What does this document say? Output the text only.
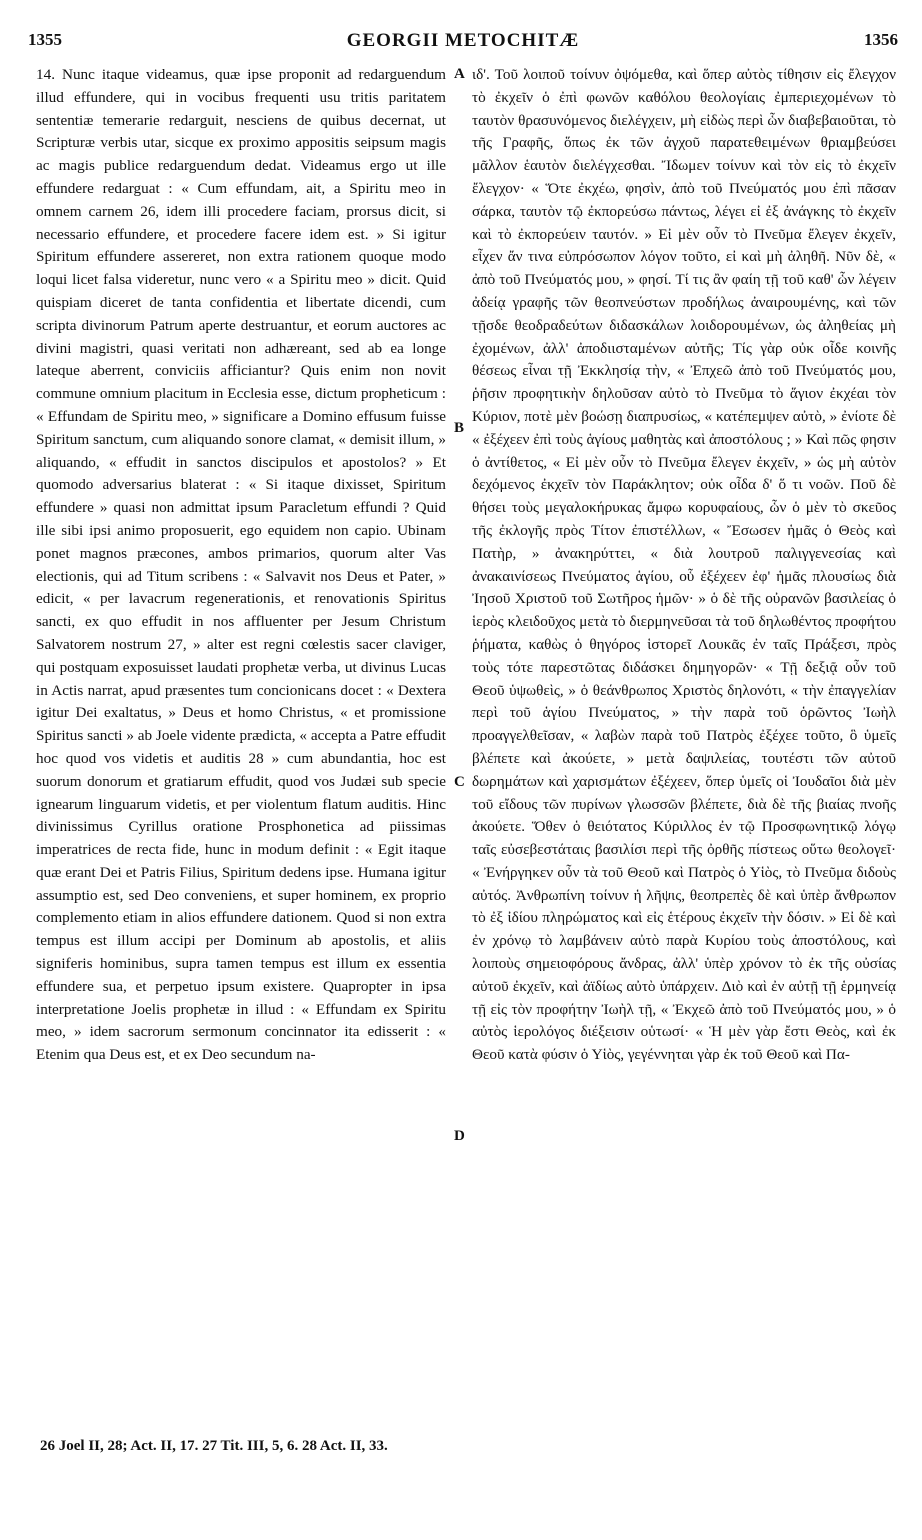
1355	GEORGII METOCHITÆ	1356

14. Nunc itaque videamus, quæ ipse proponit ad redarguendum illud effundere, qui in vocibus frequenti usu tritis paritatem sententiæ temerarie redarguit, nesciens de quibus decernat, ut Scripturæ verbis utar, sicque ex proximo appositis seipsum magis ac magis publice redarguendum dedat. Videamus ergo ut ille effundere redarguat : « Cum effundam, ait, a Spiritu meo in omnem carnem 26, idem illi procedere faciam, prorsus dicit, si necessario effundere, et procedere facere idem est. » Si igitur Spiritum effundere assereret, non extra rationem quoque modo loqui licet falsa videretur, nunc vero « a Spiritu meo » dicit. Quid quispiam diceret de tanta confidentia et libertate dicendi, cum scripta divinorum Patrum aperte destruantur, et eorum auctores ac divini magistri, quasi veritati non adhæreant, sed ab ea longe lateque aberrent, conviciis afficiantur? Quis enim non novit commune omnium placitum in Ecclesia esse, dictum propheticum : « Effundam de Spiritu meo, » significare a Domino effusum fuisse Spiritum sanctum, cum aliquando sonore clamat, « demisit illum, » aliquando, « effudit in sanctos discipulos et apostolos? » Et quomodo adversarius blaterat : « Si itaque dixisset, Spiritum effundere » quasi non admittat ipsum Paracletum effundi ? Quid ille sibi ipsi animo proposuerit, ego equidem non capio. Ubinam ponet magnos præcones, ambos primarios, quorum alter Vas electionis, qui ad Titum scribens : « Salvavit nos Deus et Pater, » edicit, « per lavacrum regenerationis, et renovationis Spiritus sancti, ex quo effudit in nos affluenter per Jesum Christum Salvatorem nostrum 27, » alter est regni cœlestis sacer claviger, qui postquam exposuisset laudati prophetæ verba, ut divinus Lucas in Actis narrat, apud præsentes tum concionicans docet : « Dextera igitur Dei exaltatus, » Deus et homo Christus, « et promissione Spiritus sancti » ab Joele vidente prædicta, « accepta a Patre effudit hoc quod vos videtis et auditis 28 » cum abundantia, hoc est suorum donorum et gratiarum effudit, quod vos Judæi sub specie ignearum linguarum videtis, et per violentum flatum auditis. Hinc divinissimus Cyrillus oratione Prosphonetica ad piissimas imperatrices de recta fide, hunc in modum definit : « Egit itaque quæ erant Dei et Patris Filius, Spiritum dedens ipse. Humana igitur assumptio est, sed Deo conveniens, et super hominem, ex proprio complemento etiam in alios effundere dationem. Quod si non extra tempus est illum accipi per Dominum ab apostolis, et aliis signiferis hominibus, supra tamen tempus est illum ex essentia effundere sua, et perpetuo ipsum existere. Quapropter in ipsa interpretatione Joelis prophetæ in illud : « Effundam ex Spiritu meo, » idem sacrorum sermonum concinnator ita edisserit : « Etenim qua Deus est, et ex Deo secundum na-

A
B
C
D

ιδ'. Τοῦ λοιποῦ τοίνυν ὀψόμεθα, καὶ ὅπερ αὐτὸς τίθησιν εἰς ἔλεγχον τὸ ἐκχεῖν ὁ ἐπὶ φωνῶν καθόλου θεολογίαις ἐμπεριεχομένων τὸ ταυτὸν θρασυνόμενος διελέγχειν, μὴ εἰδὼς περὶ ὧν διαβεβαιοῦται, τὸ τῆς Γραφῆς, ὅπως ἐκ τῶν ἀγχοῦ παρατεθειμένων θριαμβεύσει μᾶλλον ἑαυτὸν διελέγχεσθαι. Ἴδωμεν τοίνυν καὶ τὸν εἰς τὸ ἐκχεῖν ἔλεγχον· « Ὅτε ἐκχέω, φησὶν, ἀπὸ τοῦ Πνεύματός μου ἐπὶ πᾶσαν σάρκα, ταυτὸν τῷ ἐκπορεύσω πάντως, λέγει εἰ ἐξ ἀνάγκης τὸ ἐκχεῖν καὶ τὸ ἐκπορεύειν ταυτόν. » Εἰ μὲν οὖν τὸ Πνεῦμα ἔλεγεν ἐκχεῖν, εἶχεν ἄν τινα εὐπρόσωπον λόγον τοῦτο, εἰ καὶ μὴ ἀληθῆ. Νῦν δὲ, « ἀπὸ τοῦ Πνεύματός μου, » φησί. Τί τις ἂν φαίη τῇ τοῦ καθ' ὧν λέγειν ἀδείᾳ γραφῆς τῶν θεοπνεύστων προδήλως ἀναιρουμένης, καὶ τῶν τῇσδε θεοδραδεύτων διδασκάλων λοιδορουμένων, ὡς ἀληθείας μὴ ἐχομένων, ἀλλ' ἀποδιισταμένων αὐτῆς; Τίς γὰρ οὐκ οἶδε κοινῆς θέσεως εἶναι τῇ Ἐκκλησίᾳ τὴν, « Ἐπχεῶ ἀπὸ τοῦ Πνεύματός μου, ῥῆσιν προφητικὴν δηλοῦσαν αὐτὸ τὸ Πνεῦμα τὸ ἅγιον ἐκχέαι τὸν Κύριον, ποτὲ μὲν βοώσῃ διαπρυσίως, « κατέπεμψεν αὐτὸ, » ἐνίοτε δὲ « ἐξέχεεν ἐπὶ τοὺς ἁγίους μαθητὰς καὶ ἀποστόλους ; » Καὶ πῶς φησιν ὁ ἀντίθετος, « Εἰ μὲν οὖν τὸ Πνεῦμα ἔλεγεν ἐκχεῖν, » ὡς μὴ αὐτὸν δεχόμενος ἐκχεῖν τὸν Παράκλητον; οὐκ οἶδα δ' ὅ τι νοῶν. Ποῦ δὲ θήσει τοὺς μεγαλοκήρυκας ἄμφω κορυφαίους, ὧν ὁ μὲν τὸ σκεῦος τῆς ἐκλογῆς πρὸς Τίτον ἐπιστέλλων, « Ἔσωσεν ἡμᾶς ὁ Θεὸς καὶ Πατὴρ, » ἀνακηρύττει, « διὰ λουτροῦ παλιγγενεσίας καὶ ἀνακαινίσεως Πνεύματος ἁγίου, οὗ ἐξέχεεν ἐφ' ἡμᾶς πλουσίως διὰ Ἰησοῦ Χριστοῦ τοῦ Σωτῆρος ἡμῶν· » ὁ δὲ τῆς οὐρανῶν βασιλείας ὁ ἱερὸς κλειδοῦχος μετὰ τὸ διερμηνεῦσαι τὰ τοῦ δηλωθέντος προφήτου ῥήματα, καθὼς ὁ θηγόρος ἱστορεῖ Λουκᾶς ἐν ταῖς Πράξεσι, πρὸς τοὺς τότε παρεστῶτας διδάσκει δημηγορῶν· « Τῇ δεξιᾷ οὖν τοῦ Θεοῦ ὑψωθεὶς, » ὁ θεάνθρωπος Χριστὸς δηλονότι, « τὴν ἐπαγγελίαν περὶ τοῦ ἁγίου Πνεύματος, » τὴν παρὰ τοῦ ὁρῶντος Ἰωὴλ προαγγελθεῖσαν, « λαβὼν παρὰ τοῦ Πατρὸς ἐξέχεε τοῦτο, ὃ ὑμεῖς βλέπετε καὶ ἀκούετε, » μετὰ δαψιλείας, τουτέστι τῶν αὐτοῦ δωρημάτων καὶ χαρισμάτων ἐξέχεεν, ὅπερ ὑμεῖς οἱ Ἰουδαῖοι διὰ μὲν τοῦ εἴδους τῶν πυρίνων γλωσσῶν βλέπετε, διὰ δὲ τῆς βιαίας πνοῆς ἀκούετε. Ὅθεν ὁ θειότατος Κύριλλος ἐν τῷ Προσφωνητικῷ λόγῳ ταῖς εὐσεβεστάταις βασιλίσι περὶ τῆς ὀρθῆς πίστεως οὕτω θεολογεῖ· « Ἐνήργηκεν οὖν τὰ τοῦ Θεοῦ καὶ Πατρὸς ὁ Υἱὸς, τὸ Πνεῦμα διδοὺς αὐτός. Ἀνθρωπίνη τοίνυν ἡ λῆψις, θεοπρεπὲς δὲ καὶ ὑπὲρ ἄνθρωπον τὸ ἐξ ἰδίου πληρώματος καὶ εἰς ἑτέρους ἐκχεῖν τὴν δόσιν. » Εἰ δὲ καὶ ἐν χρόνῳ τὸ λαμβάνειν αὐτὸ παρὰ Κυρίου τοὺς ἀποστόλους, καὶ λοιποὺς σημειοφόρους ἄνδρας, ἀλλ' ὑπὲρ χρόνον τὸ ἐκ τῆς οὐσίας αὐτοῦ ἐκχεῖν, καὶ ἀϊδίως αὐτὸ ὑπάρχειν. Διὸ καὶ ἐν αὐτῇ τῇ ἑρμηνείᾳ τῇ εἰς τὸν προφήτην Ἰωὴλ τῇ, « Ἐκχεῶ ἀπὸ τοῦ Πνεύματός μου, » ὁ αὐτὸς ἱερολόγος διέξεισιν οὑτωσί· « Ἡ μὲν γὰρ ἔστι Θεὸς, καὶ ἐκ Θεοῦ κατὰ φύσιν ὁ Υἱὸς, γεγέννηται γὰρ ἐκ τοῦ Θεοῦ καὶ Πα-

26 Joel II, 28; Act. II, 17. 27 Tit. III, 5, 6. 28 Act. II, 33.
